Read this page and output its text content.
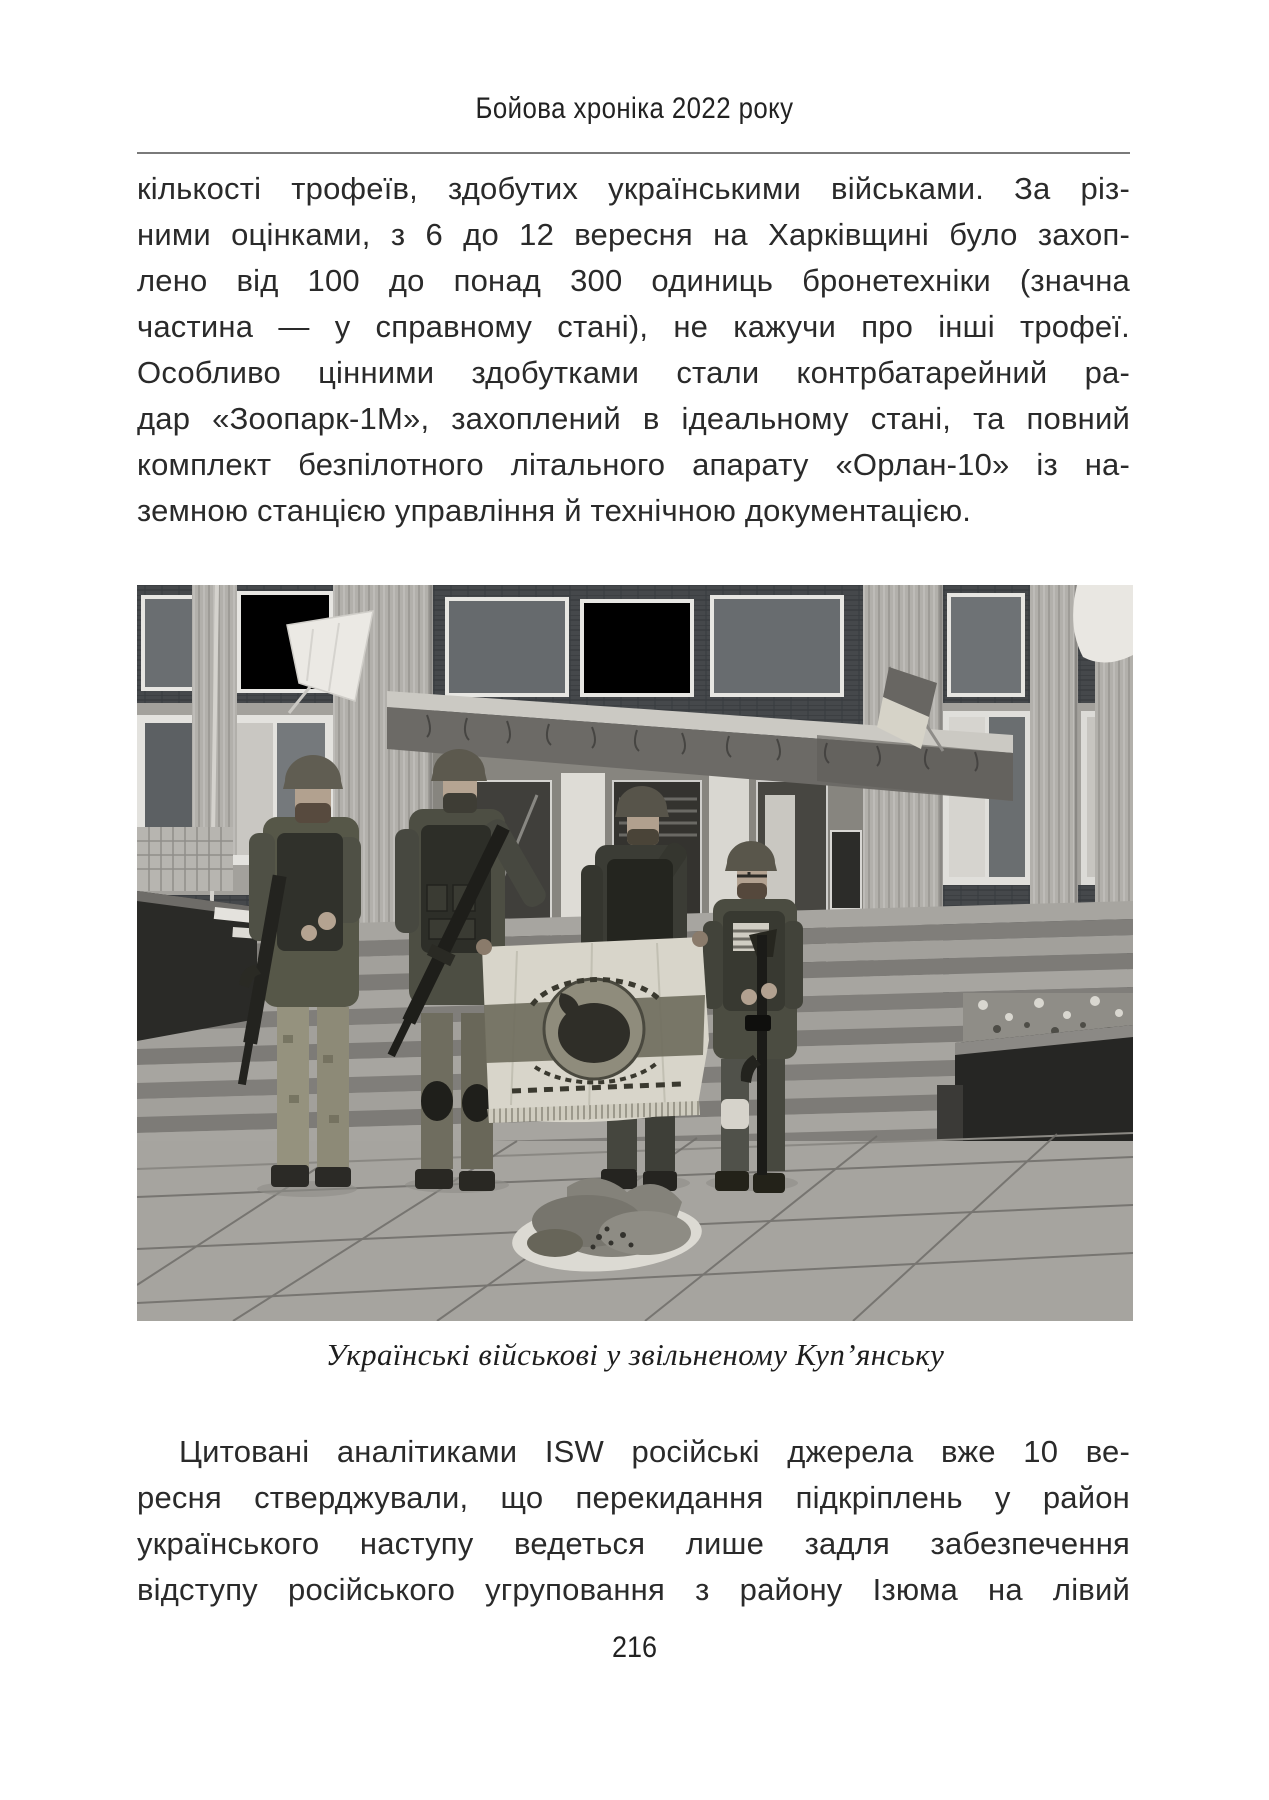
Бойова хроніка 2022 року
кількості трофеїв, здобутих українськими військами. За різ-
ними оцінками, з 6 до 12 вересня на Харківщині було захоп-
лено від 100 до понад 300 одиниць бронетехніки (значна
частина — у справному стані), не кажучи про інші трофеї.
Особливо цінними здобутками стали контрбатарейний ра-
дар «Зоопарк-1М», захоплений в ідеальному стані, та повний
комплект безпілотного літального апарату «Орлан-10» із на-
земною станцією управління й технічною документацією.
Українські військові у звільненому Куп’янську
Цитовані аналітиками ISW російські джерела вже 10 ве-
ресня стверджували, що перекидання підкріплень у район
українського наступу ведеться лише задля забезпечення
відступу російського угруповання з району Ізюма на лівий
216
